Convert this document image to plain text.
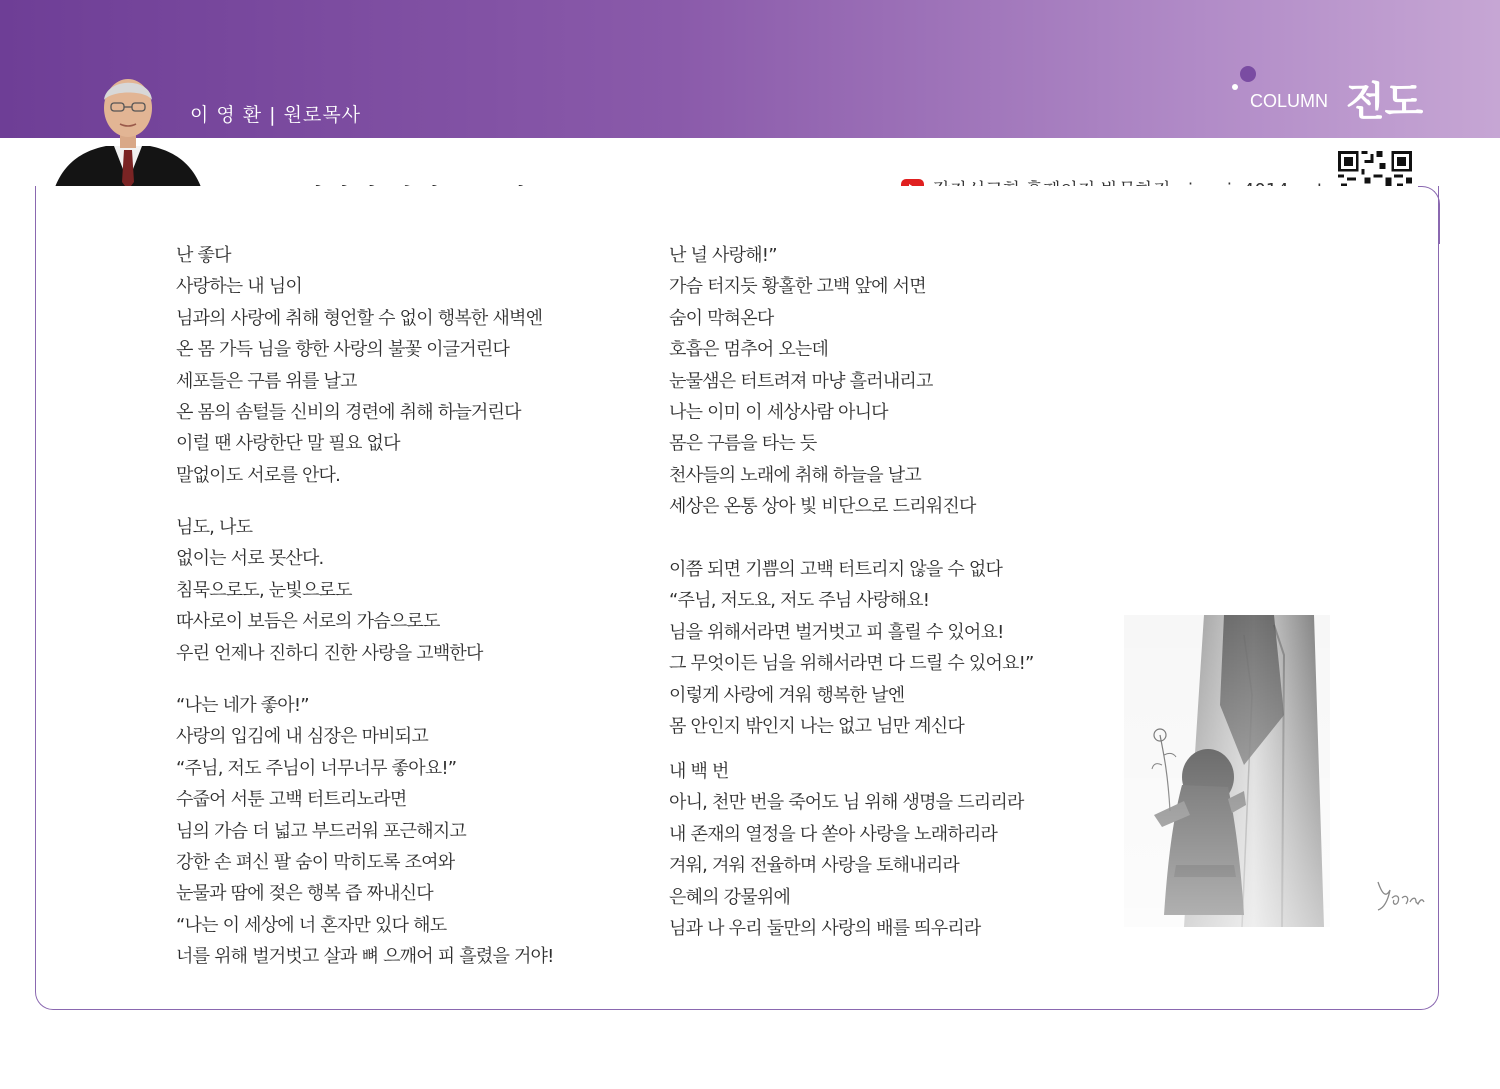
이 영 환 | 원로목사
COLUMN 전도
난 좋다
사랑하는 내 님이
님과의 사랑에 취해 형언할 수 없이 행복한 새벽엔
온 몸 가득 님을 향한 사랑의 불꽃 이글거린다
세포들은 구름 위를 날고
온 몸의 솜털들 신비의 경련에 취해 하늘거린다
이럴 땐 사랑한단 말 필요 없다
말없이도 서로를 안다.
님도, 나도
없이는 서로 못산다.
침묵으로도, 눈빛으로도
따사로이 보듬은 서로의 가슴으로도
우린 언제나 진하디 진한 사랑을 고백한다
“나는 네가 좋아!”
사랑의 입김에 내 심장은 마비되고
“주님, 저도 주님이 너무너무 좋아요!”
수줍어 서툰 고백 터트리노라면
님의 가슴 더 넓고 부드러워 포근해지고
강한 손 펴신 팔 숨이 막히도록 조여와
눈물과 땀에 젖은 행복 즙 짜내신다
“나는 이 세상에 너 혼자만 있다 해도
너를 위해 벌거벗고 살과 뼈 으깨어 피 흘렸을 거야!
난 널 사랑해!”
가슴 터지듯 황홀한 고백 앞에 서면
숨이 막혀온다
호흡은 멈추어 오는데
눈물샘은 터트려져 마냥 흘러내리고
나는 이미 이 세상사람 아니다
몸은 구름을 타는 듯
천사들의 노래에 취해 하늘을 날고
세상은 온통 상아 빛 비단으로 드리워진다
이쯤 되면 기쁨의 고백 터트리지 않을 수 없다
“주님, 저도요, 저도 주님 사랑해요!
님을 위해서라면 벌거벗고 피 흘릴 수 있어요!
그 무엇이든 님을 위해서라면 다 드릴 수 있어요!”
이렇게 사랑에 겨워 행복한 날엔
몸 안인지 밖인지 나는 없고 님만 계신다
내 백 번
아니, 천만 번을 죽어도 님 위해 생명을 드리리라
내 존재의 열정을 다 쏟아 사랑을 노래하리라
겨워, 겨워 전율하며 사랑을 토해내리라
은혜의 강물위에
님과 나 우리 둘만의 사랑의 배를 띄우리라
